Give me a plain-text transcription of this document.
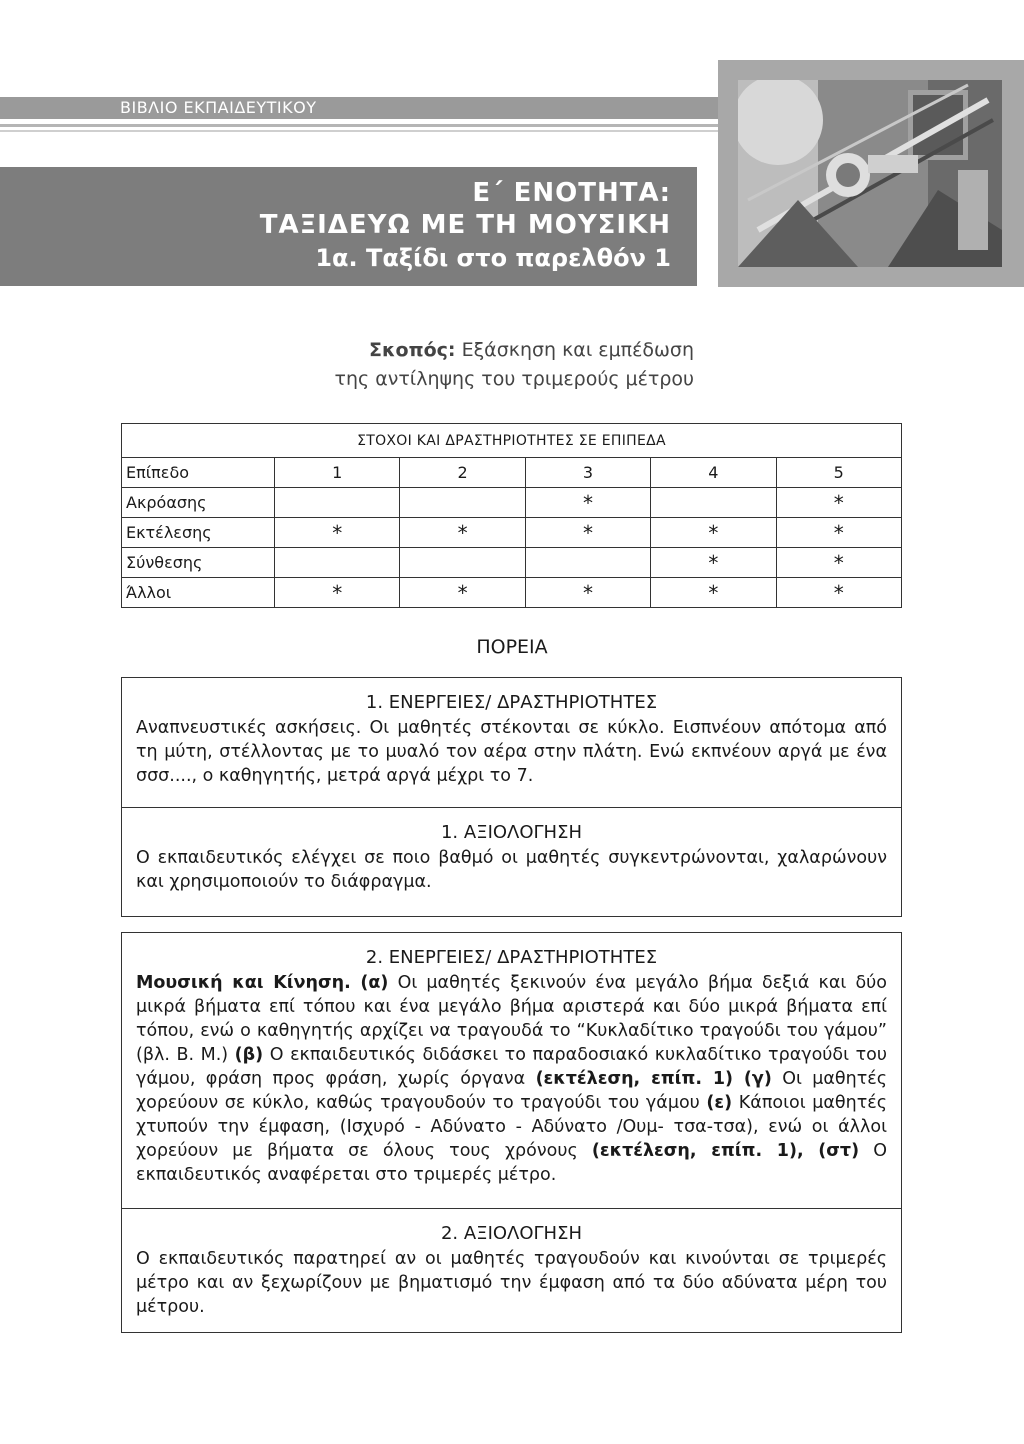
ΒΙΒΛΙΟ ΕΚΠΑΙΔΕΥΤΙΚΟΥ
Ε΄ ΕΝΟΤΗΤΑ:
ΤΑΞΙΔΕΥΩ ΜΕ ΤΗ ΜΟΥΣΙΚΗ
1α. Ταξίδι στο παρελθόν 1
Σκοπός: Εξάσκηση και εμπέδωση
της αντίληψης του τριμερούς μέτρου
ΣΤΟΧΟΙ ΚΑΙ ΔΡΑΣΤΗΡΙΟΤΗΤΕΣ ΣΕ ΕΠΙΠΕΔΑ					
Επίπεδο	1	2	3	4	5
Ακρόασης			*		*
Εκτέλεσης	*	*	*	*	*
Σύνθεσης				*	*
Άλλοι	*	*	*	*	*
ΠΟΡΕΙΑ
1. ΕΝΕΡΓΕΙΕΣ/ ΔΡΑΣΤΗΡΙΟΤΗΤΕΣ
Αναπνευστικές ασκήσεις. Οι μαθητές στέκονται σε κύκλο. Εισπνέουν απότομα από τη μύτη, στέλλοντας με το μυαλό τον αέρα στην πλάτη. Ενώ εκπνέουν αργά με ένα σσσ...., ο καθηγητής, μετρά αργά μέχρι το 7.
1. ΑΞΙΟΛΟΓΗΣΗ
Ο εκπαιδευτικός ελέγχει σε ποιο βαθμό οι μαθητές συγκεντρώνονται, χαλαρώνουν και χρησιμοποιούν το διάφραγμα.
2. ΕΝΕΡΓΕΙΕΣ/ ΔΡΑΣΤΗΡΙΟΤΗΤΕΣ
Μουσική και Κίνηση. (α) Οι μαθητές ξεκινούν ένα μεγάλο βήμα δεξιά και δύο μικρά βήματα επί τόπου και ένα μεγάλο βήμα αριστερά και δύο μικρά βήματα επί τόπου, ενώ ο καθηγητής αρχίζει να τραγουδά το “Κυκλαδίτικο τραγούδι του γάμου” (βλ. Β. Μ.) (β) Ο εκπαιδευτικός διδάσκει το παραδοσιακό κυκλαδίτικο τραγούδι του γάμου, φράση προς φράση, χωρίς όργανα (εκτέλεση, επίπ. 1) (γ) Οι μαθητές χορεύουν σε κύκλο, καθώς τραγουδούν το τραγούδι του γάμου (ε) Κάποιοι μαθητές χτυπούν την έμφαση, (Ισχυρό - Αδύνατο - Αδύνατο /Ουμ- τσα-τσα), ενώ οι άλλοι χορεύουν με βήματα σε όλους τους χρόνους (εκτέλεση, επίπ. 1), (στ) Ο εκπαιδευτικός αναφέρεται στο τριμερές μέτρο.
2. ΑΞΙΟΛΟΓΗΣΗ
Ο εκπαιδευτικός παρατηρεί αν οι μαθητές τραγουδούν και κινούνται σε τριμερές μέτρο και αν ξεχωρίζουν με βηματισμό την έμφαση από τα δύο αδύνατα μέρη του μέτρου.
